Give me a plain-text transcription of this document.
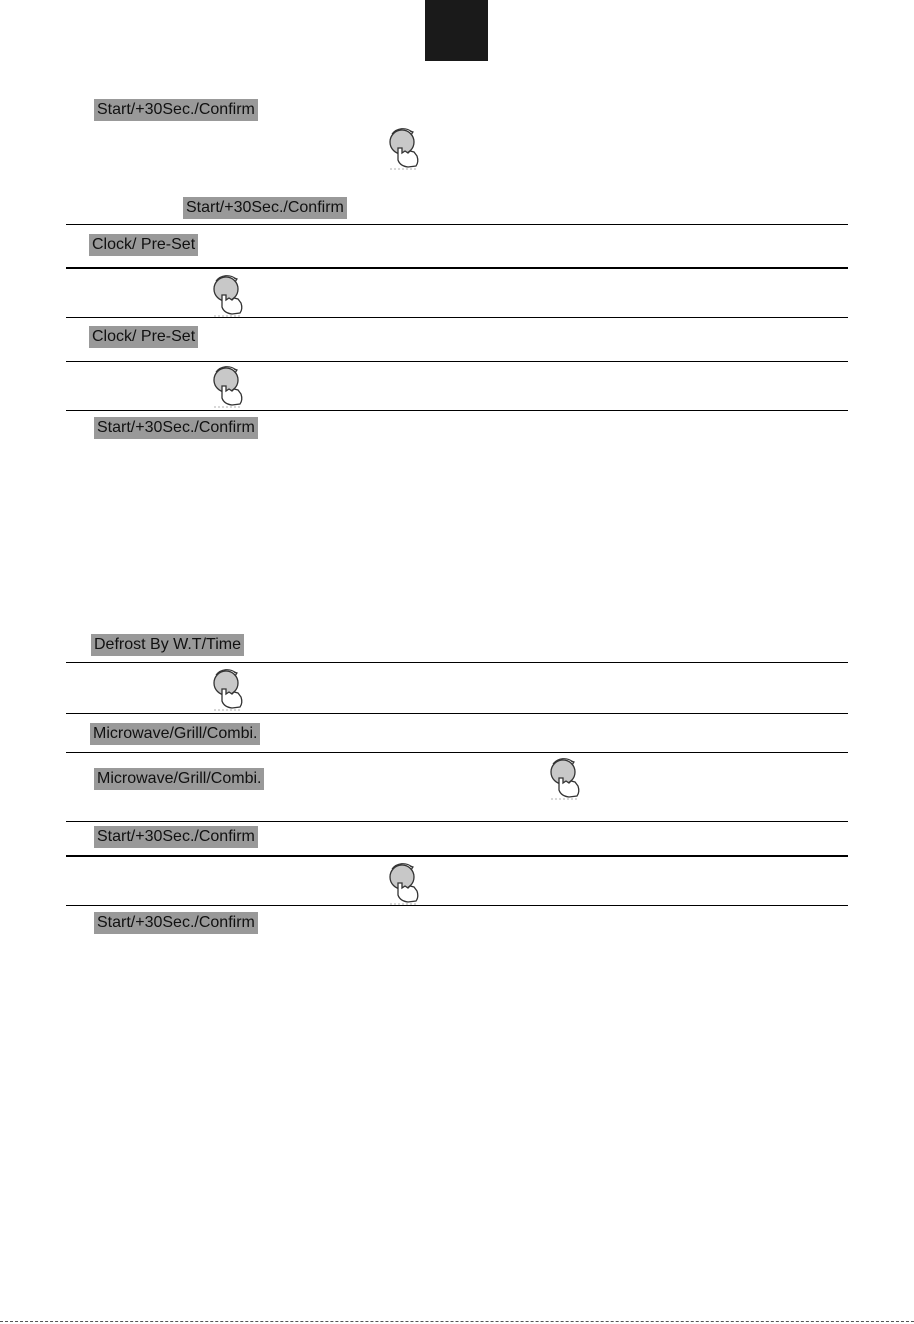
Start/+30Sec./Confirm
Start/+30Sec./Confirm
Clock/ Pre-Set
Clock/ Pre-Set
Start/+30Sec./Confirm
Defrost By W.T/Time
Microwave/Grill/Combi.
Microwave/Grill/Combi.
Start/+30Sec./Confirm
Start/+30Sec./Confirm
